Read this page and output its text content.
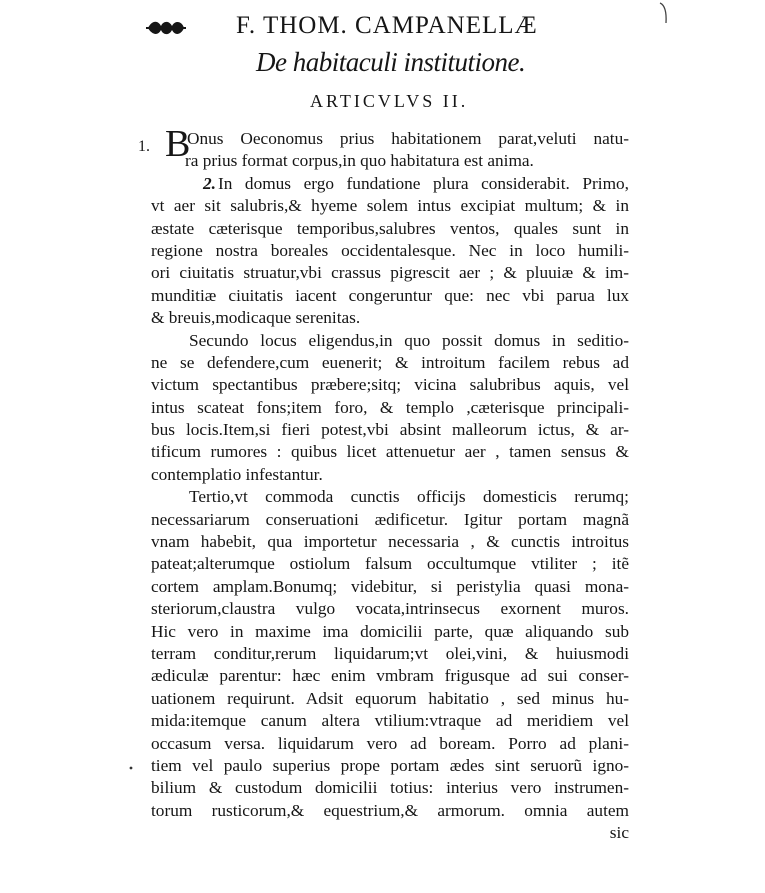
F. THOM. CAMPANELLÆ
De habitaculi institutione.
ARTICVLVS II.
1. B
Onus Oeconomus prius habitationem parat,veluti natu-
ra prius format corpus,in quo habitatura est anima.
2. In domus ergo fundatione plura considerabit. Primo,
vt aer sit salubris,& hyeme solem intus excipiat multum; & in
æstate cæterisque temporibus,salubres ventos, quales sunt in
regione nostra boreales occidentalesque. Nec in loco humili-
ori ciuitatis struatur,vbi crassus pigrescit aer ; & pluuiæ & im-
munditiæ ciuitatis iacent congeruntur que: nec vbi parua lux
& breuis,modicaque serenitas.
Secundo locus eligendus,in quo possit domus in seditio-
ne se defendere,cum euenerit; & introitum facilem rebus ad
victum spectantibus præbere;sitq; vicina salubribus aquis, vel
intus scateat fons;item foro, & templo ,cæterisque principali-
bus locis.Item,si fieri potest,vbi absint malleorum ictus, & ar-
tificum rumores : quibus licet attenuetur aer , tamen sensus &
contemplatio infestantur.
Tertio,vt commoda cunctis officijs domesticis rerumq;
necessariarum conseruationi ædificetur. Igitur portam magnã
vnam habebit, qua importetur necessaria , & cunctis introitus
pateat;alterumque ostiolum falsum occultumque vtiliter ; itẽ
cortem amplam.Bonumq; videbitur, si peristylia quasi mona-
steriorum,claustra vulgo vocata,intrinsecus exornent muros.
Hic vero in maxime ima domicilii parte, quæ aliquando sub
terram conditur,rerum liquidarum;vt olei,vini, & huiusmodi
ædiculæ parentur: hæc enim vmbram frigusque ad sui conser-
uationem requirunt. Adsit equorum habitatio , sed minus hu-
mida:itemque canum altera vtilium:vtraque ad meridiem vel
occasum versa. liquidarum vero ad boream. Porro ad plani-
tiem vel paulo superius prope portam ædes sint seruorũ igno-
bilium & custodum domicilii totius: interius vero instrumen-
torum rusticorum,& equestrium,& armorum. omnia autem
sic
